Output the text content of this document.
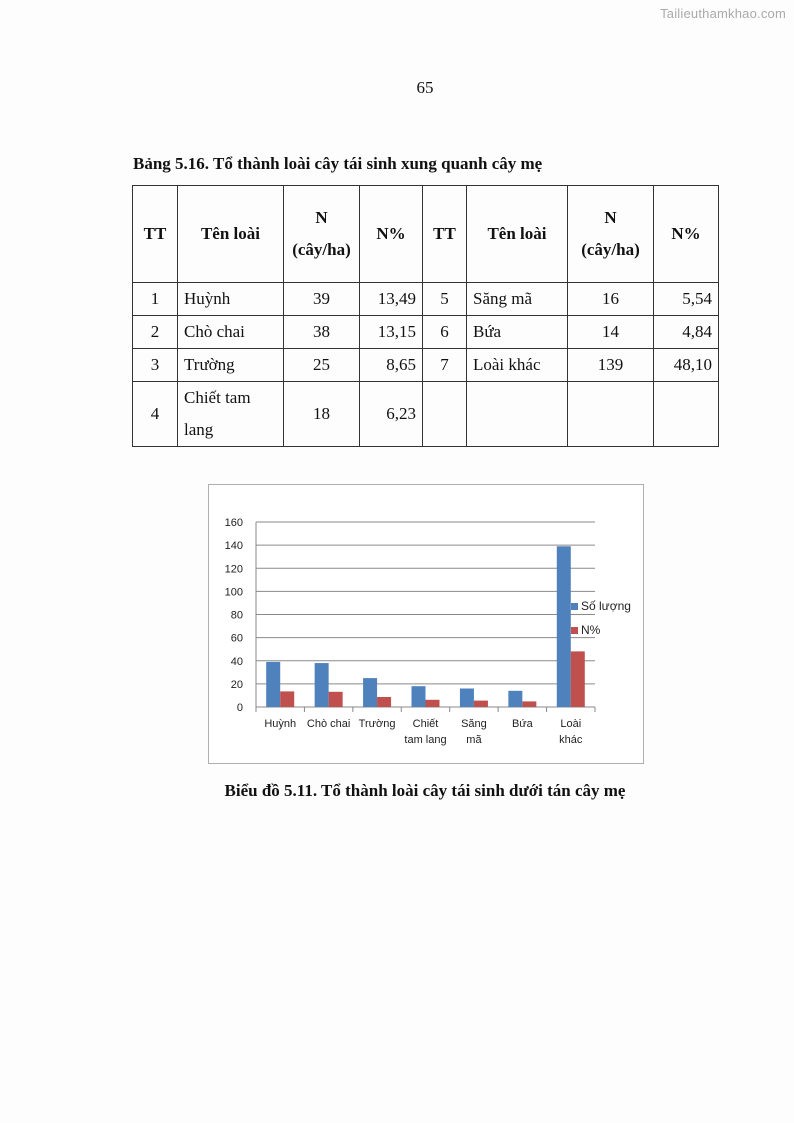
Tailieuthamkhao.com
65
Bảng 5.16. Tổ thành loài cây tái sinh xung quanh cây mẹ
TT	Tên loài	N (cây/ha)	N%	TT	Tên loài	N (cây/ha)	N%
1	Huỳnh	39	13,49	5	Săng mã	16	5,54
2	Chò chai	38	13,15	6	Bứa	14	4,84
3	Trường	25	8,65	7	Loài khác	139	48,10
4	Chiết tam lang	18	6,23				
0
20
40
60
80
100
120
140
160
Huỳnh Chò chai Trường Chiết
tam lang
Săng
mã
Bứa	Loài
khác
Số lượng
N%
Biểu đồ 5.11. Tổ thành loài cây tái sinh dưới tán cây mẹ
